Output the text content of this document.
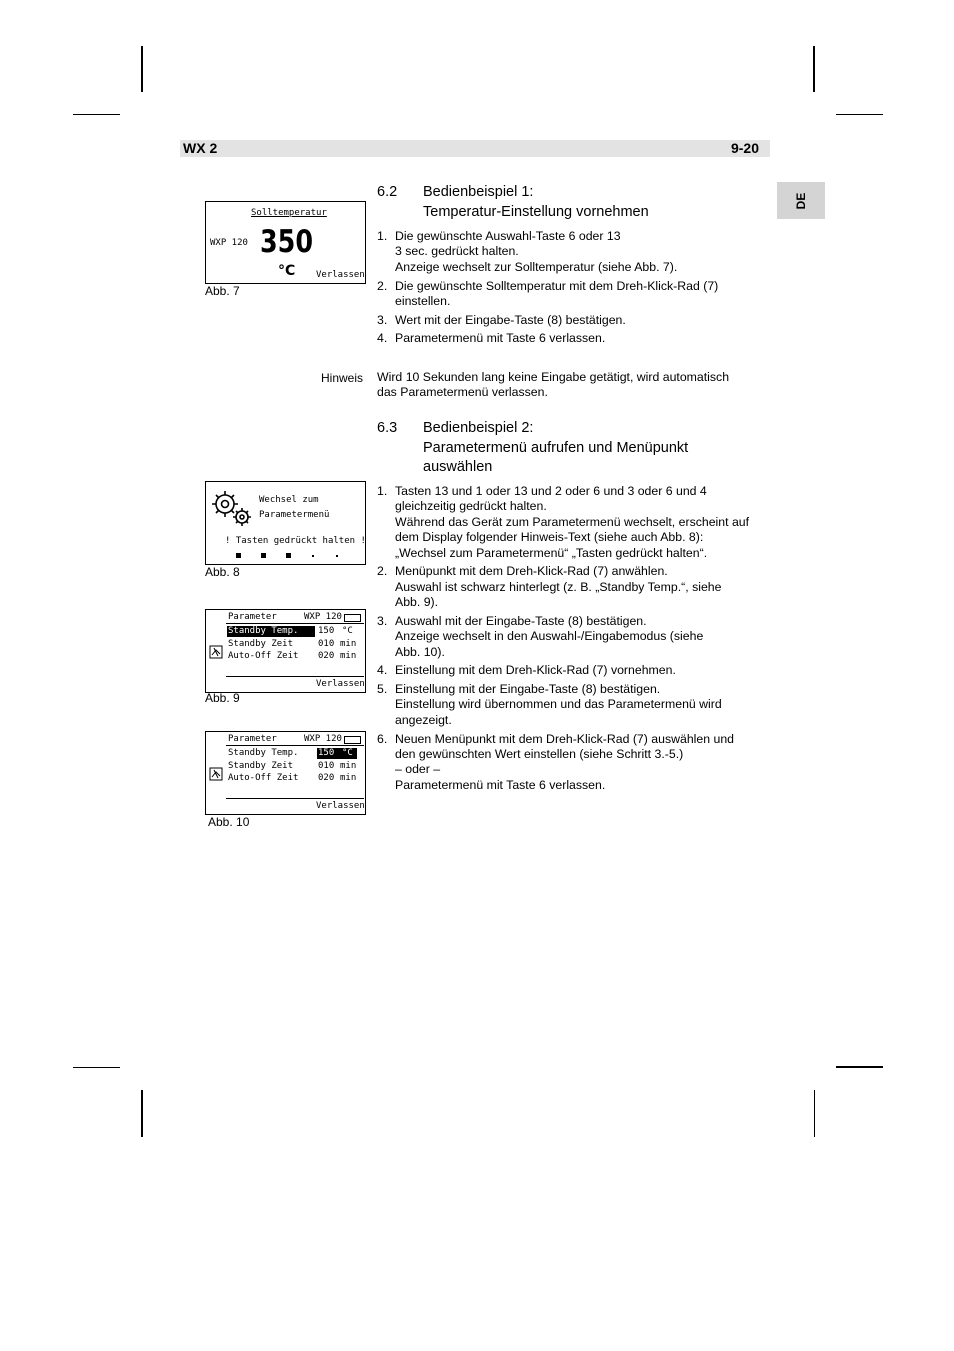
WX 2	9-20
DE
Solltemperatur
WXP 120 350
°C Verlassen
Abb. 7
Wechsel zum
Parametermenü
! Tasten gedrückt halten !
Abb. 8
Parameter	WXP 120
Standby Temp. 150 °C
Standby Zeit	010 min
Auto-Off Zeit 020 min
Verlassen
Abb. 9
Parameter	WXP 120
Standby Temp. 150 °C
Standby Zeit	010 min
Auto-Off Zeit 020 min
Verlassen
Abb. 10
6.2 Bedienbeispiel 1:
Temperatur-Einstellung vornehmen
1. Die gewünschte Auswahl-Taste 6 oder 13
3 sec. gedrückt halten.
Anzeige wechselt zur Solltemperatur (siehe Abb. 7).
2. Die gewünschte Solltemperatur mit dem Dreh-Klick-Rad (7)
einstellen.
3. Wert mit der Eingabe-Taste (8) bestätigen.
4. Parametermenü mit Taste 6 verlassen.
Hinweis Wird 10 Sekunden lang keine Eingabe getätigt, wird automatisch
das Parametermenü verlassen.
6.3 Bedienbeispiel 2:
Parametermenü aufrufen und Menüpunkt
auswählen
1. Tasten 13 und 1 oder 13 und 2 oder 6 und 3 oder 6 und 4
gleichzeitig gedrückt halten.
Während das Gerät zum Parametermenü wechselt, erscheint auf
dem Display folgender Hinweis-Text (siehe auch Abb. 8):
„Wechsel zum Parametermenü“ „Tasten gedrückt halten“.
2. Menüpunkt mit dem Dreh-Klick-Rad (7) anwählen.
Auswahl ist schwarz hinterlegt (z. B. „Standby Temp.“, siehe
Abb. 9).
3. Auswahl mit der Eingabe-Taste (8) bestätigen.
Anzeige wechselt in den Auswahl-/Eingabemodus (siehe
Abb. 10).
4. Einstellung mit dem Dreh-Klick-Rad (7) vornehmen.
5. Einstellung mit der Eingabe-Taste (8) bestätigen.
Einstellung wird übernommen und das Parametermenü wird
angezeigt.
6. Neuen Menüpunkt mit dem Dreh-Klick-Rad (7) auswählen und
den gewünschten Wert einstellen (siehe Schritt 3.-5.)
– oder –
Parametermenü mit Taste 6 verlassen.
